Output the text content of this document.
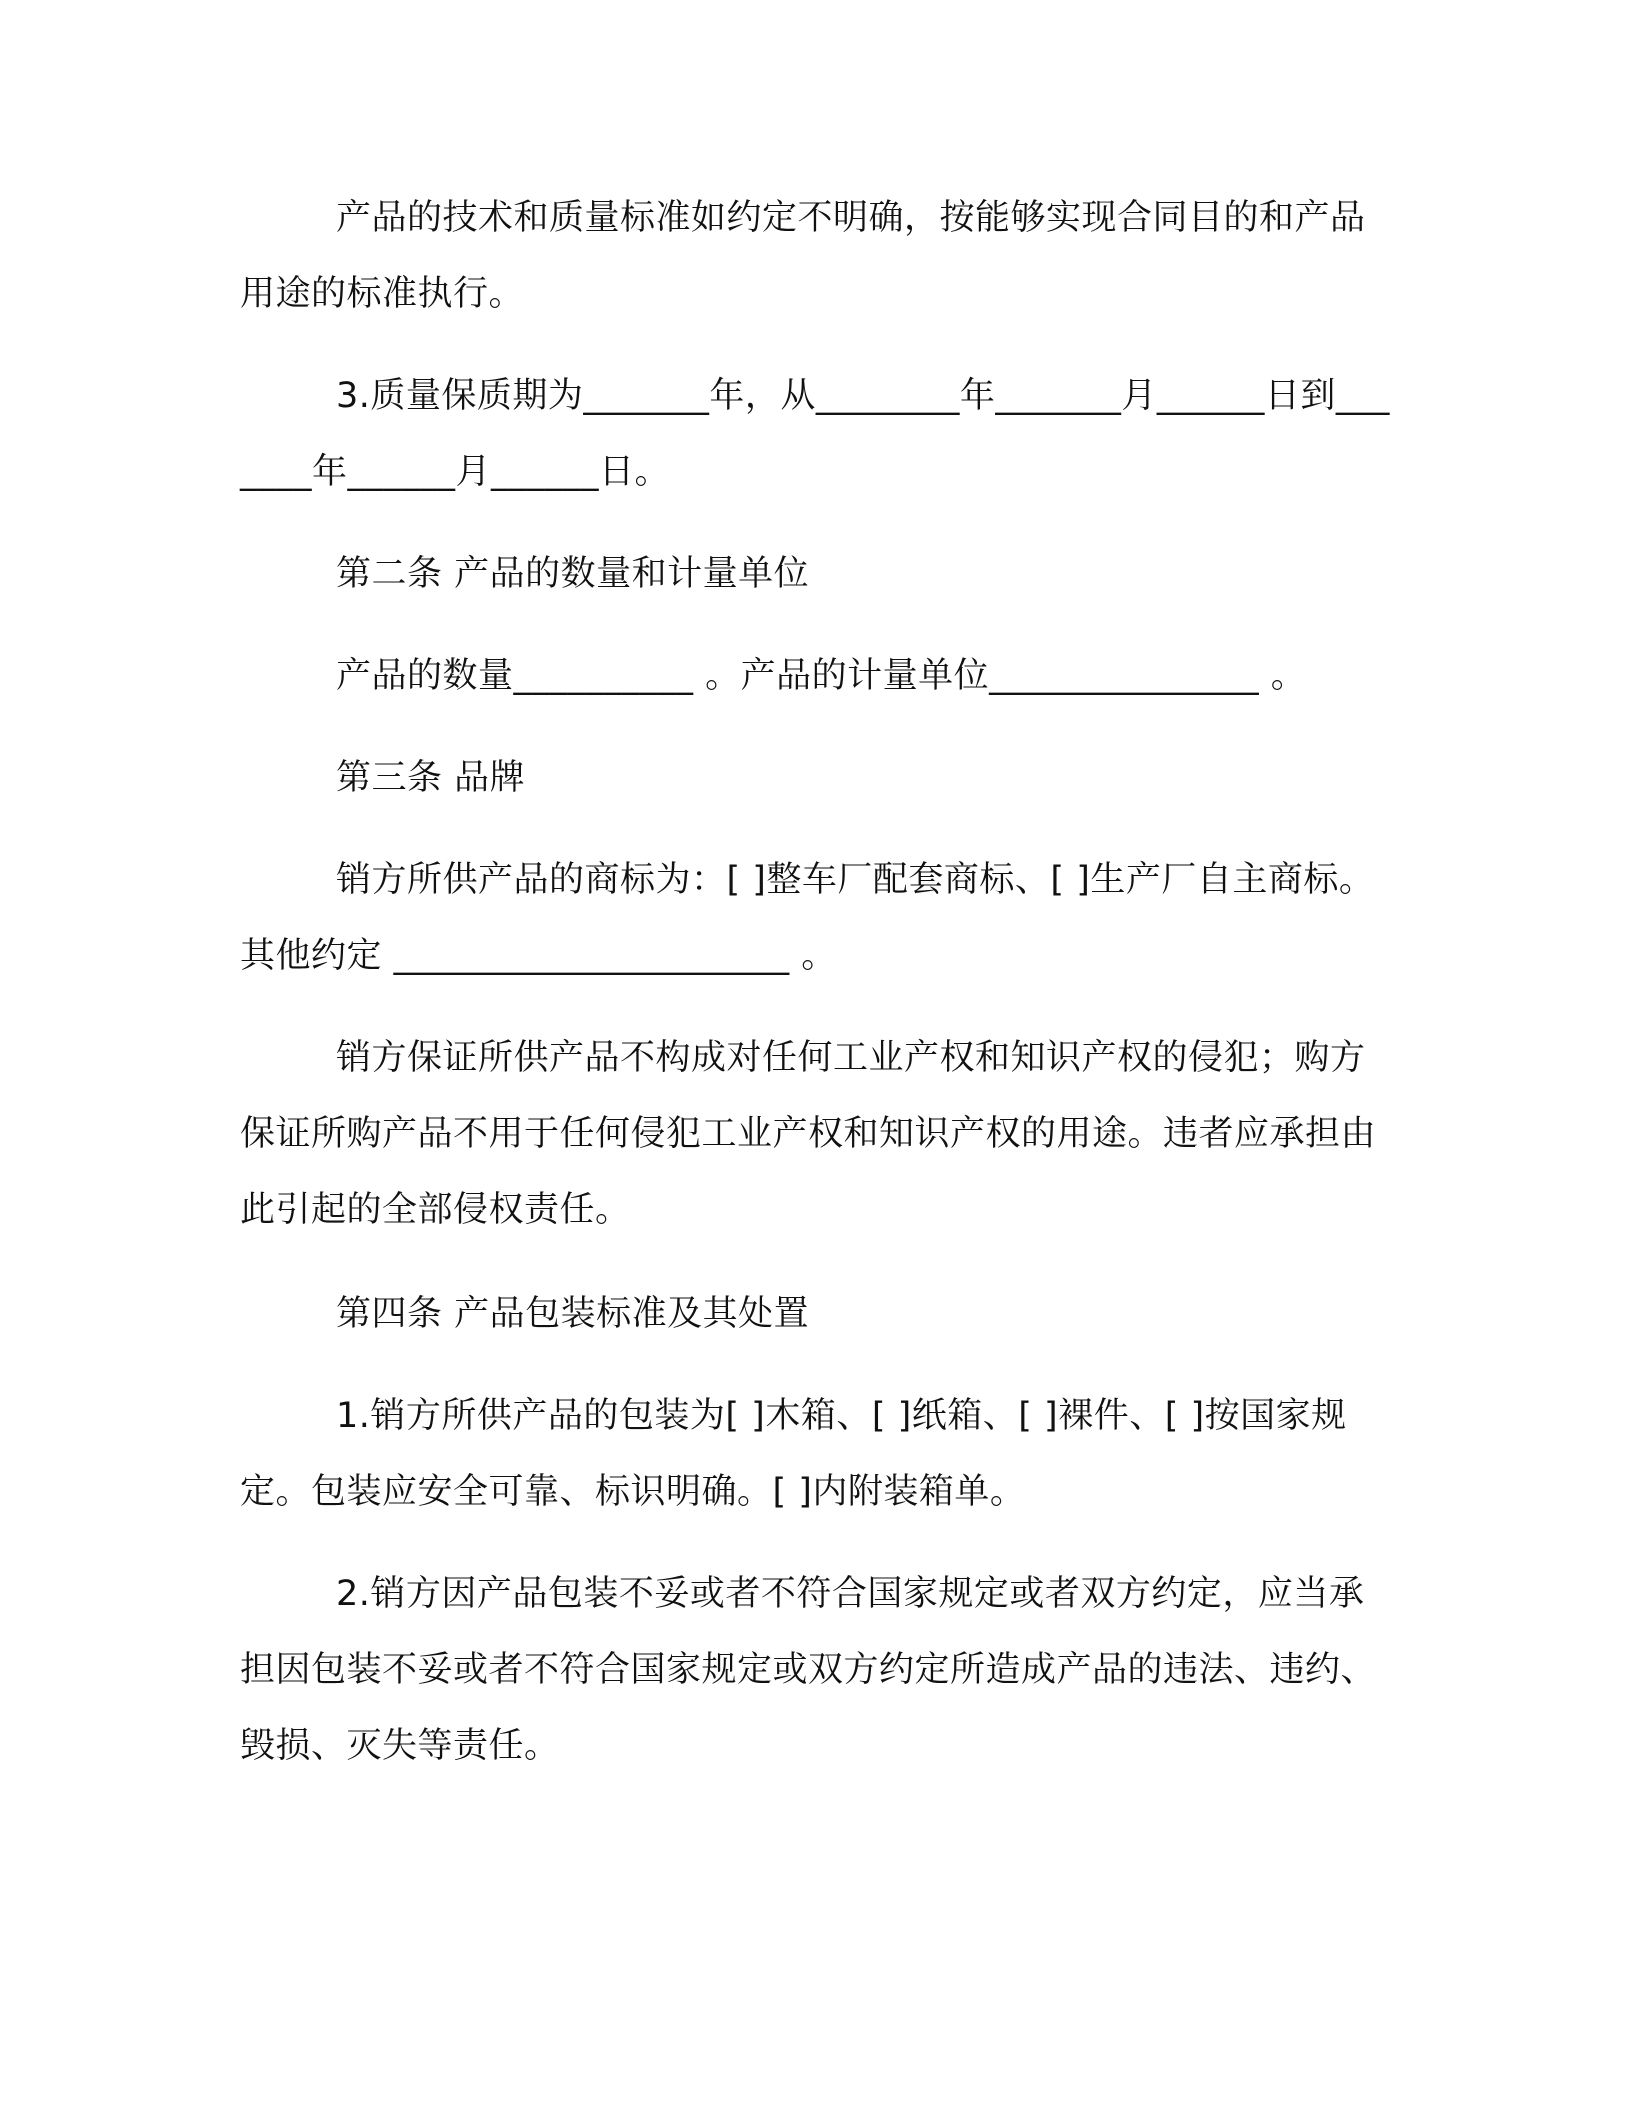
产品的技术和质量标准如约定不明确，按能够实现合同目的和产品用途的标准执行。

3.质量保质期为_______年，从________年_______月______日到_______年______月______日。

第二条 产品的数量和计量单位

产品的数量__________ 。产品的计量单位_______________ 。

第三条 品牌

销方所供产品的商标为：[ ]整车厂配套商标、[ ]生产厂自主商标。其他约定 ______________________ 。

销方保证所供产品不构成对任何工业产权和知识产权的侵犯；购方保证所购产品不用于任何侵犯工业产权和知识产权的用途。违者应承担由此引起的全部侵权责任。

第四条 产品包装标准及其处置

1.销方所供产品的包装为[ ]木箱、[ ]纸箱、[ ]裸件、[ ]按国家规定。包装应安全可靠、标识明确。[ ]内附装箱单。

2.销方因产品包装不妥或者不符合国家规定或者双方约定，应当承担因包装不妥或者不符合国家规定或双方约定所造成产品的违法、违约、毁损、灭失等责任。
